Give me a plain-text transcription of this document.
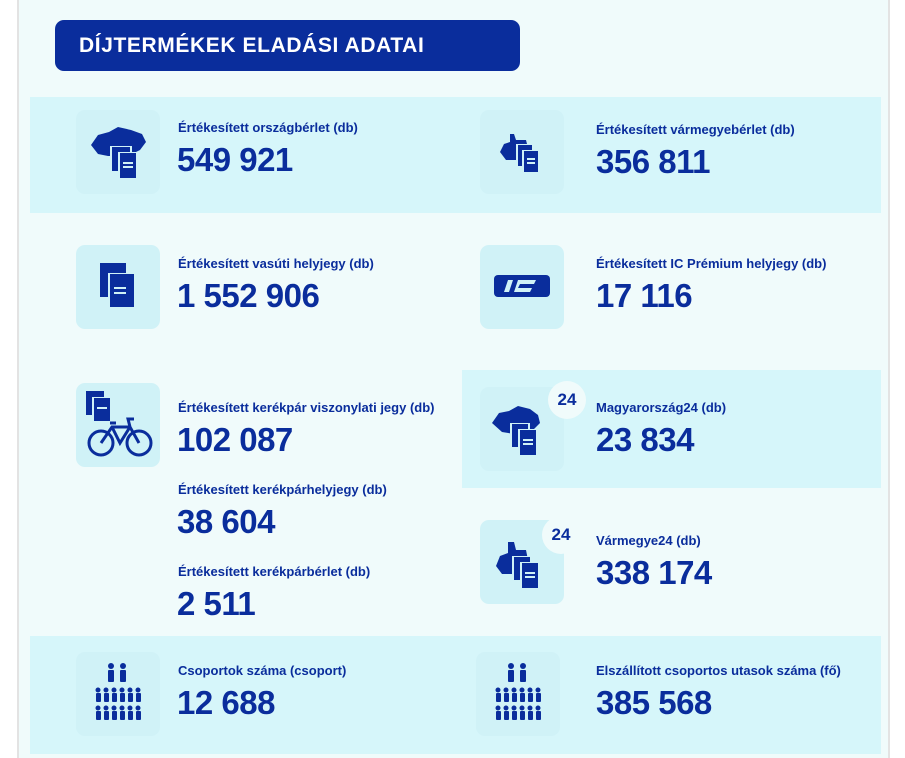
DÍJTERMÉKEK ELADÁSI ADATAI
Értékesített országbérlet (db)
549 921
Értékesített vármegyebérlet (db)
356 811
Értékesített vasúti helyjegy (db)
1 552 906
Értékesített IC Prémium helyjegy (db)
17 116
Értékesített kerékpár viszonylati jegy (db)
102 087
Értékesített kerékpárhelyjegy (db)
38 604
Értékesített kerékpárbérlet (db)
2 511
24	Magyarország24 (db)
23 834
24	Vármegye24 (db)
338 174
Csoportok száma (csoport)
12 688
Elszállított csoportos utasok száma (fő)
385 568
